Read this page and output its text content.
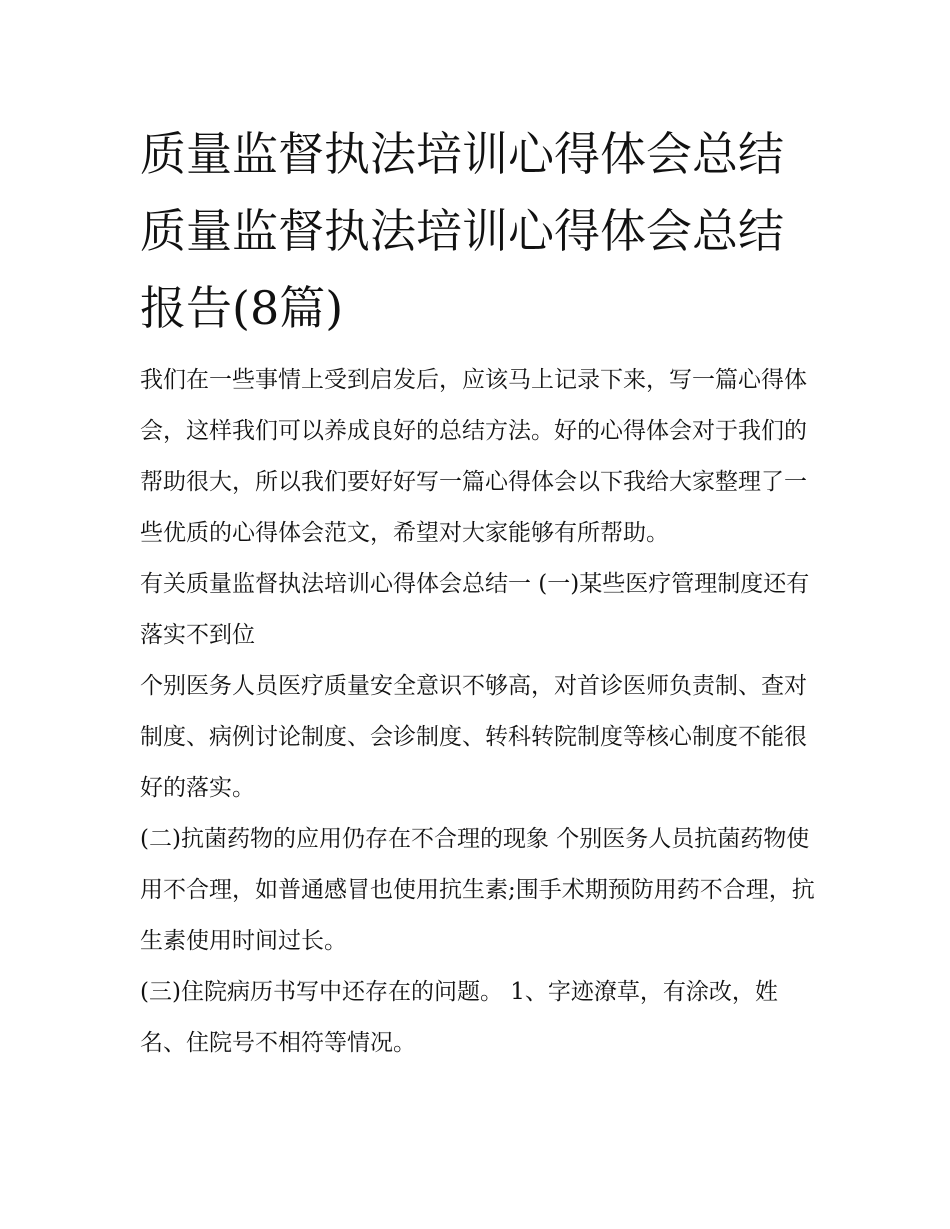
质量监督执法培训心得体会总结 质量监督执法培训心得体会总结报告(8篇)

我们在一些事情上受到启发后，应该马上记录下来，写一篇心得体会，这样我们可以养成良好的总结方法。好的心得体会对于我们的帮助很大，所以我们要好好写一篇心得体会以下我给大家整理了一些优质的心得体会范文，希望对大家能够有所帮助。

有关质量监督执法培训心得体会总结一 (一)某些医疗管理制度还有落实不到位

个别医务人员医疗质量安全意识不够高，对首诊医师负责制、查对制度、病例讨论制度、会诊制度、转科转院制度等核心制度不能很好的落实。

(二)抗菌药物的应用仍存在不合理的现象 个别医务人员抗菌药物使用不合理，如普通感冒也使用抗生素;围手术期预防用药不合理，抗生素使用时间过长。

(三)住院病历书写中还存在的问题。 1、字迹潦草，有涂改，姓名、住院号不相符等情况。
